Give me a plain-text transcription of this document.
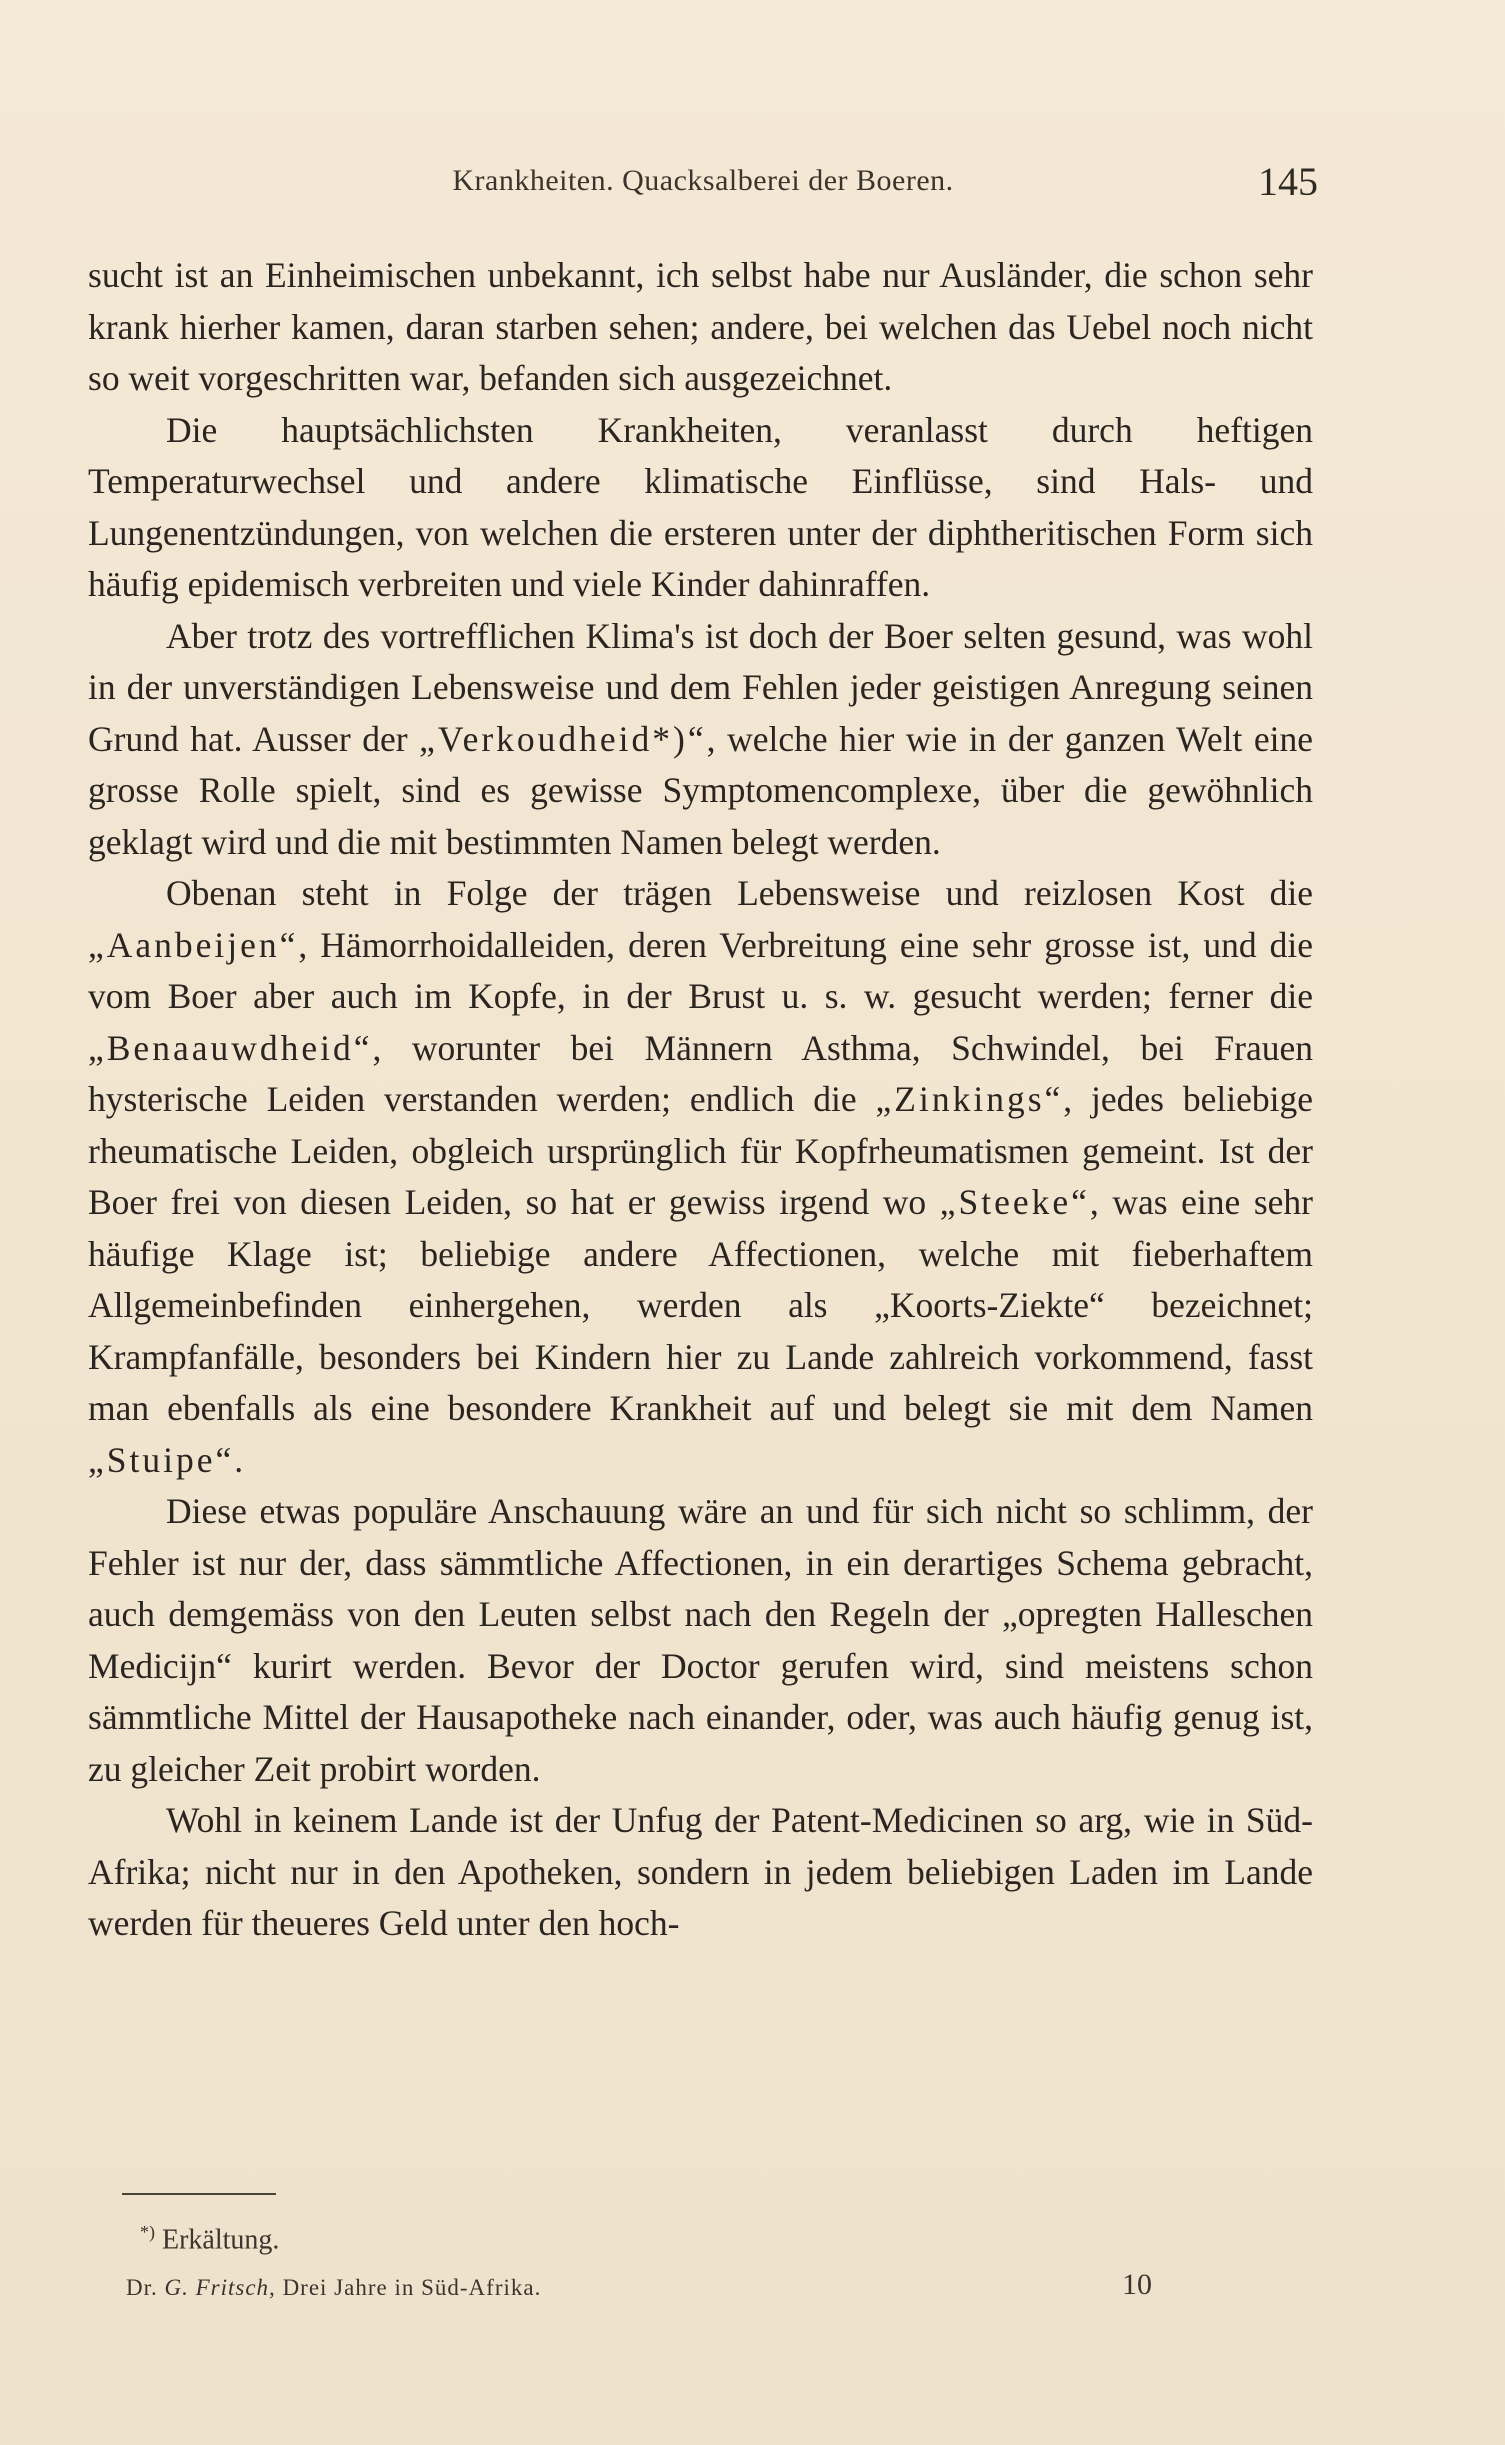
Krankheiten. Quacksalberei der Boeren.	145

sucht ist an Einheimischen unbekannt, ich selbst habe nur Ausländer, die schon sehr krank hierher kamen, daran starben sehen; andere, bei welchen das Uebel noch nicht so weit vorgeschritten war, befanden sich ausgezeichnet.

Die hauptsächlichsten Krankheiten, veranlasst durch heftigen Temperaturwechsel und andere klimatische Einflüsse, sind Hals- und Lungenentzündungen, von welchen die ersteren unter der diphtheritischen Form sich häufig epidemisch verbreiten und viele Kinder dahinraffen.

Aber trotz des vortrefflichen Klima's ist doch der Boer selten gesund, was wohl in der unverständigen Lebensweise und dem Fehlen jeder geistigen Anregung seinen Grund hat. Ausser der „Verkoudheid*)“, welche hier wie in der ganzen Welt eine grosse Rolle spielt, sind es gewisse Symptomencomplexe, über die gewöhnlich geklagt wird und die mit bestimmten Namen belegt werden.

Obenan steht in Folge der trägen Lebensweise und reizlosen Kost die „Aanbeijen“, Hämorrhoidalleiden, deren Verbreitung eine sehr grosse ist, und die vom Boer aber auch im Kopfe, in der Brust u. s. w. gesucht werden; ferner die „Benaauwdheid“, worunter bei Männern Asthma, Schwindel, bei Frauen hysterische Leiden verstanden werden; endlich die „Zinkings“, jedes beliebige rheumatische Leiden, obgleich ursprünglich für Kopfrheumatismen gemeint. Ist der Boer frei von diesen Leiden, so hat er gewiss irgend wo „Steeke“, was eine sehr häufige Klage ist; beliebige andere Affectionen, welche mit fieberhaftem Allgemeinbefinden einhergehen, werden als „Koorts-Ziekte“ bezeichnet; Krampfanfälle, besonders bei Kindern hier zu Lande zahlreich vorkommend, fasst man ebenfalls als eine besondere Krankheit auf und belegt sie mit dem Namen „Stuipe“.

Diese etwas populäre Anschauung wäre an und für sich nicht so schlimm, der Fehler ist nur der, dass sämmtliche Affectionen, in ein derartiges Schema gebracht, auch demgemäss von den Leuten selbst nach den Regeln der „opregten Halleschen Medicijn“ kurirt werden. Bevor der Doctor gerufen wird, sind meistens schon sämmtliche Mittel der Hausapotheke nach einander, oder, was auch häufig genug ist, zu gleicher Zeit probirt worden.

Wohl in keinem Lande ist der Unfug der Patent-Medicinen so arg, wie in Süd-Afrika; nicht nur in den Apotheken, sondern in jedem beliebigen Laden im Lande werden für theueres Geld unter den hoch-

*) Erkältung.
Dr. G. Fritsch, Drei Jahre in Süd-Afrika.	10
